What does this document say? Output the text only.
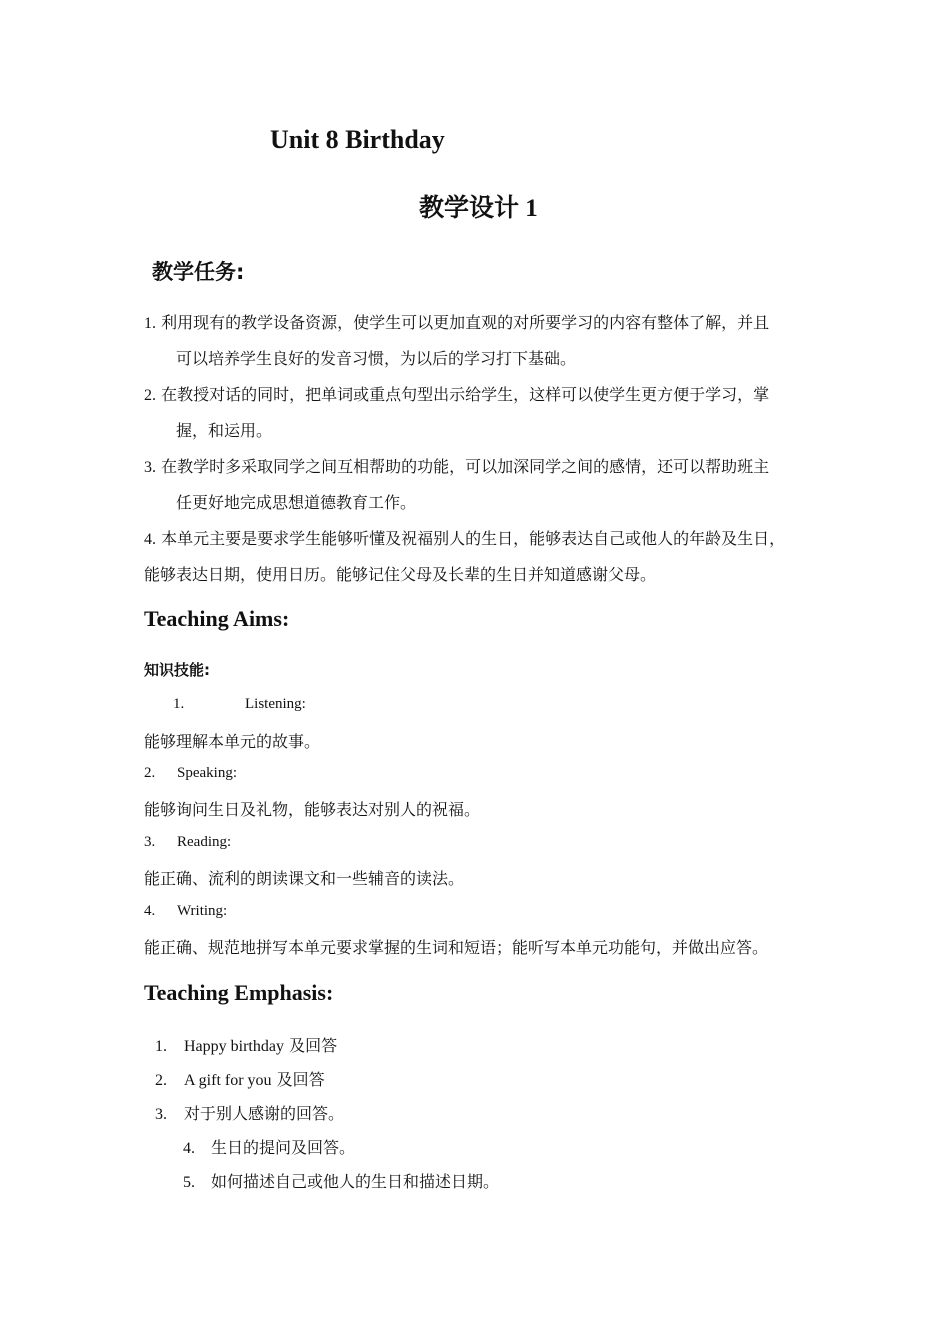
Unit 8 Birthday
教学设计 1
教学任务:
1. 利用现有的教学设备资源，使学生可以更加直观的对所要学习的内容有整体了解，并且
可以培养学生良好的发音习惯，为以后的学习打下基础。
2. 在教授对话的同时，把单词或重点句型出示给学生，这样可以使学生更方便于学习，掌
握，和运用。
3. 在教学时多采取同学之间互相帮助的功能，可以加深同学之间的感情，还可以帮助班主
任更好地完成思想道德教育工作。
4. 本单元主要是要求学生能够听懂及祝福别人的生日，能够表达自己或他人的年龄及生日，
能够表达日期，使用日历。能够记住父母及长辈的生日并知道感谢父母。
Teaching Aims:
知识技能:
1.	Listening:
能够理解本单元的故事。
2. Speaking:
能够询问生日及礼物，能够表达对别人的祝福。
3. Reading:
能正确、流利的朗读课文和一些辅音的读法。
4. Writing:
能正确、规范地拼写本单元要求掌握的生词和短语；能听写本单元功能句，并做出应答。
Teaching Emphasis:
1. Happy birthday 及回答
2. A gift for you 及回答
3. 对于别人感谢的回答。
4. 生日的提问及回答。
5. 如何描述自己或他人的生日和描述日期。
